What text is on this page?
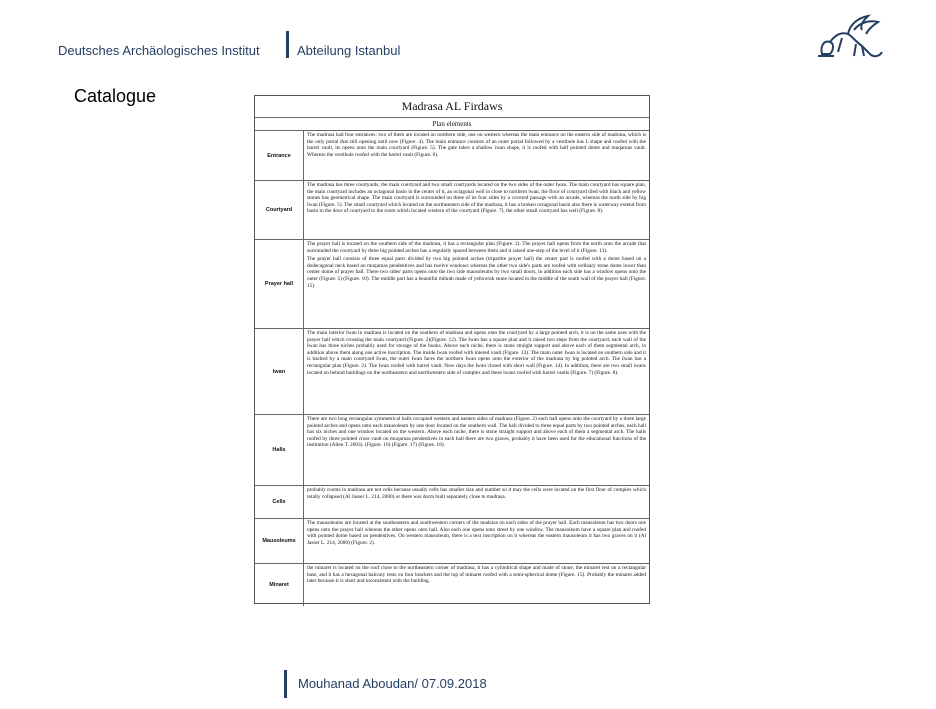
Deutsches Archäologisches Institut	Abteilung Istanbul
Catalogue	Madrasa AL Firdaws
Plan elements
Entrance

The madrasa had four entrances: two of them are located on northern side, one on western whereas the main entrance on the eastern side of madrasa, which is the only portal that still opening until now (Figure. 4). The main entrance consists of an outer portal followed by a vestibule has L shape and roofed with the barrel vault, its opens onto the main courtyard (Figure. 5). The gate takes a shallow iwan shape, it is roofed with half pointed dome and muqarnas vault. Whereas the vestibule roofed with the barrel vault (Figure. 6).

Courtyard

The madrasa has three courtyards, the main courtyard and two small courtyards located on the two sides of the outer Iwan. The main courtyard has square plan, the main courtyard includes an octagonal basin in the center of it, an octagonal well in close to northern iwan, the floor of courtyard tiled with black and yellow stones has geometrical shape. The main courtyard is surrounded on three of its four sides by a covered passage with an arcade, whereas the north side by big Iwan (Figure. 5). The small courtyard which located on the northeastern side of the madrasa, it has a broken octagonal basin also there is waterway extend from basin to the door of courtyard to the room which located western of the courtyard (Figure. 7), the other small courtyard has well (Figure. 8).

Prayer hall

The prayer hall is located on the southern side of the madrasa, it has a rectangular plan (Figure. 2). The prayer hall opens from the north onto the arcade that surrounded the courtyard by three big pointed arches has a regularly spaced between them and it raised one-step of the level of it (Figure. 11).

The prayer hall consists of three equal parts divided by two big pointed arches (tripartite prayer hall) the center part is roofed with a dome based on a dodecagonal neck based on muqarnas pendentives and has twelve windows whereas the other two side's parts are roofed with ordinary stone dome lower than center dome of prayer hall. There two sides' parts opens onto the two side mausoleums by two small doors, in addition each side has a window opens onto the outer (Figure. 5) (Figure. 10). The middle part has a beautiful mihrab made of yellowish stone located in the middle of the south wall of the prayer hall (Figure. 15).

Iwan

The main interior Iwan in madrasa is located on the southern of madrasa and opens onto the courtyard by a large pointed arch, it is on the same axes with the prayer hall which crossing the main courtyard (Figure. 2)(Figure. 12). The Iwan has a square plan and it raised two steps from the courtyard, each wall of the Iwan has three niches probably used for storage of the books. Above each niche, there is stone straight support and above each of them segmental arch, in addition above them along one active inscription. The inside Iwan roofed with intered vault (Figure. 13). The main outer Iwan is located on southern side and it is backed by a main courtyard Iwan, the outer Iwan faces the northern Iwan opens onto the exterior of the madrasa by big pointed arch. The Iwan has a rectangular plan (Figure. 2). The Iwan roofed with barrel vault. Now days the Iwan closed with short wall (Figure. 14). In addition, there are two small iwans located on behind buildings on the northeastern and northwestern side of complex and these iwans roofed with barrel vaults (Figure. 7) (Figure. 8).

Halls

There are two long rectangular symmetrical halls occupied western and eastern sides of madrasa (Figure. 2) each hall opens onto the courtyard by a three large pointed arches and opens onto each mausoleum by one door located on the southern wall. The hall divided to three equal parts by two pointed arches, each hall has six niches and one window located on the western. Above each niche, there is stone straight support and above each of them a segmental arch. The halls roofed by three pointed cross vault on muqarnas pendentives in each hall there are two graves, probably it have been used for the educational functions of the institution (Allen T. 2003). (Figure. 16) (Figure. 17) (Figure. 18).

Cells

probably rooms in madrasa are not cells because usually cells has smaller size and number so it may the cells were located on the first floor of complex which totally collapsed (Al Jasser L. 214, 2000) or there was dorm built separately close to madrasa.

Mausoleums

The mausoleums are located at the southeastern and southwestern corners of the madrasa on each sides of the prayer hall. Each mausoleum has two doors one opens onto the prayer hall whereas the other opens onto hall. Also each one opens onto street by one window. The mausoleum have a square plan and roofed with pointed dome based on pendentives. On western mausoleum, there is a text inscription on it whereas the eastern mausoleum it has two graves on it (Al Jasser L. 214, 2000) (Figure. 2).

Minaret

the minaret is located on the roof close to the northeastern corner of madrasa, it has a cylindrical shape and made of stone, the minaret rest on a rectangular base, and it has a hexagonal balcony rests on four brackets and the top of minaret roofed with a semi-spherical dome (Figure. 15). Probably the minaret added later because it is short and inconsistent with the building.

Mouhanad Aboudan/ 07.09.2018
